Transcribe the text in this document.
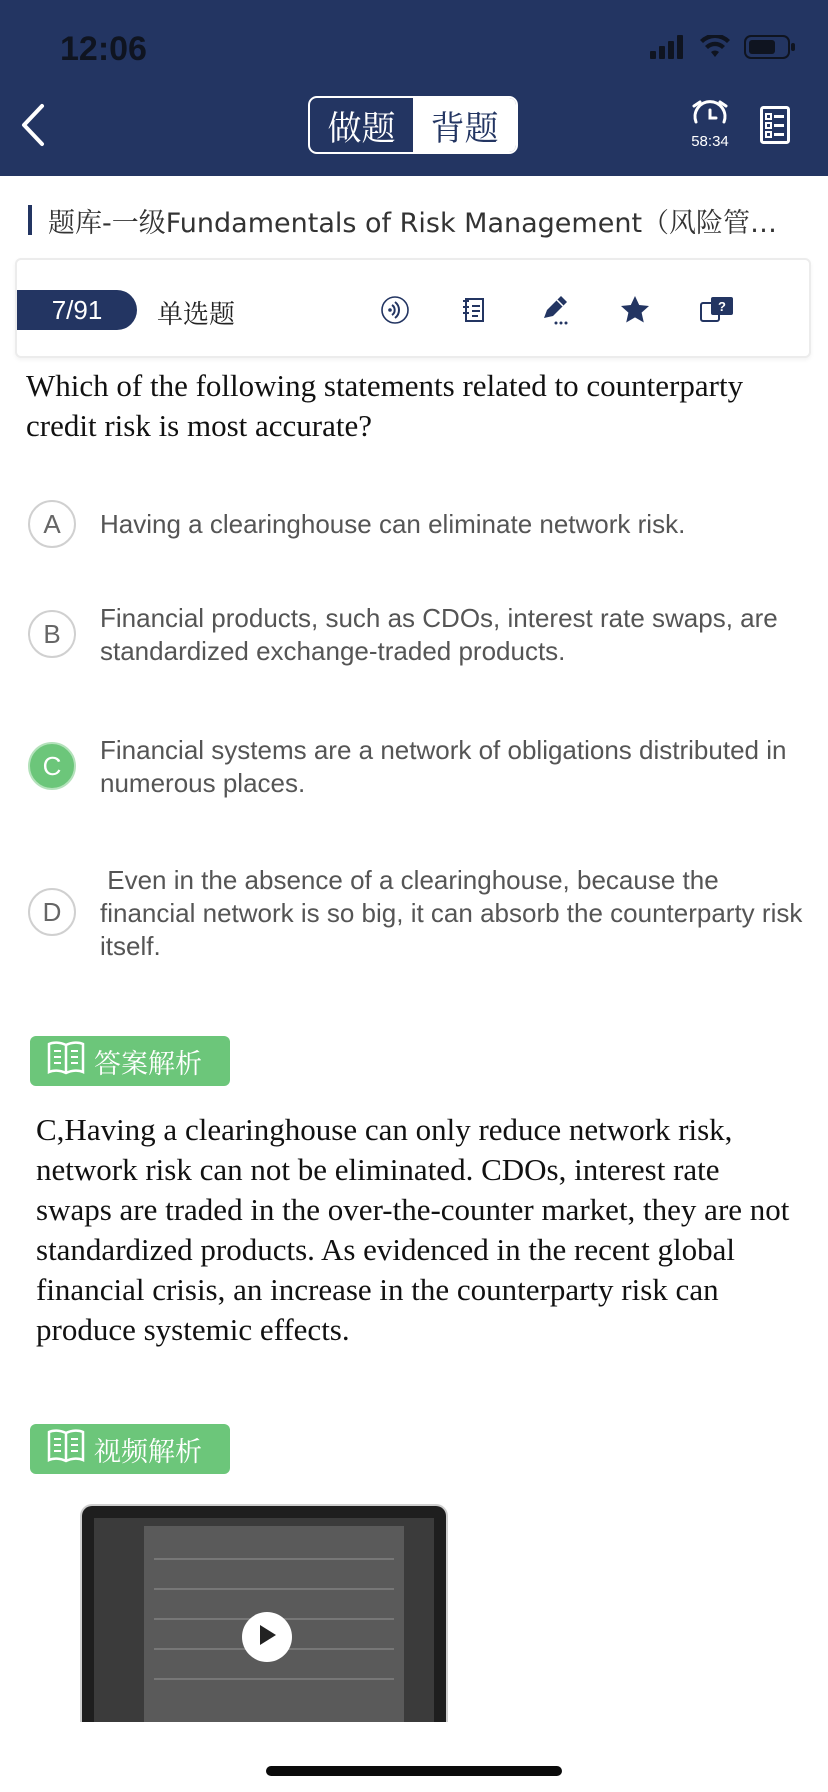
12:06
做题	背题	58:34
题库-一级Fundamentals of Risk Management（风险管…
7/91	单选题	?
Which of the following statements related to counterparty credit risk is most accurate?
A	Having a clearinghouse can eliminate network risk.
B
Financial products, such as CDOs, interest rate swaps, are standardized exchange-traded products.
C
Financial systems are a network of obligations distributed in numerous places.
D
Even in the absence of a clearinghouse, because the financial network is so big, it can absorb the counterparty risk itself.
答案解析
C,Having a clearinghouse can only reduce network risk, network risk can not be eliminated. CDOs, interest rate swaps are traded in the over-the-counter market, they are not standardized products. As evidenced in the recent global financial crisis, an increase in the counterparty risk can produce systemic effects.
视频解析
